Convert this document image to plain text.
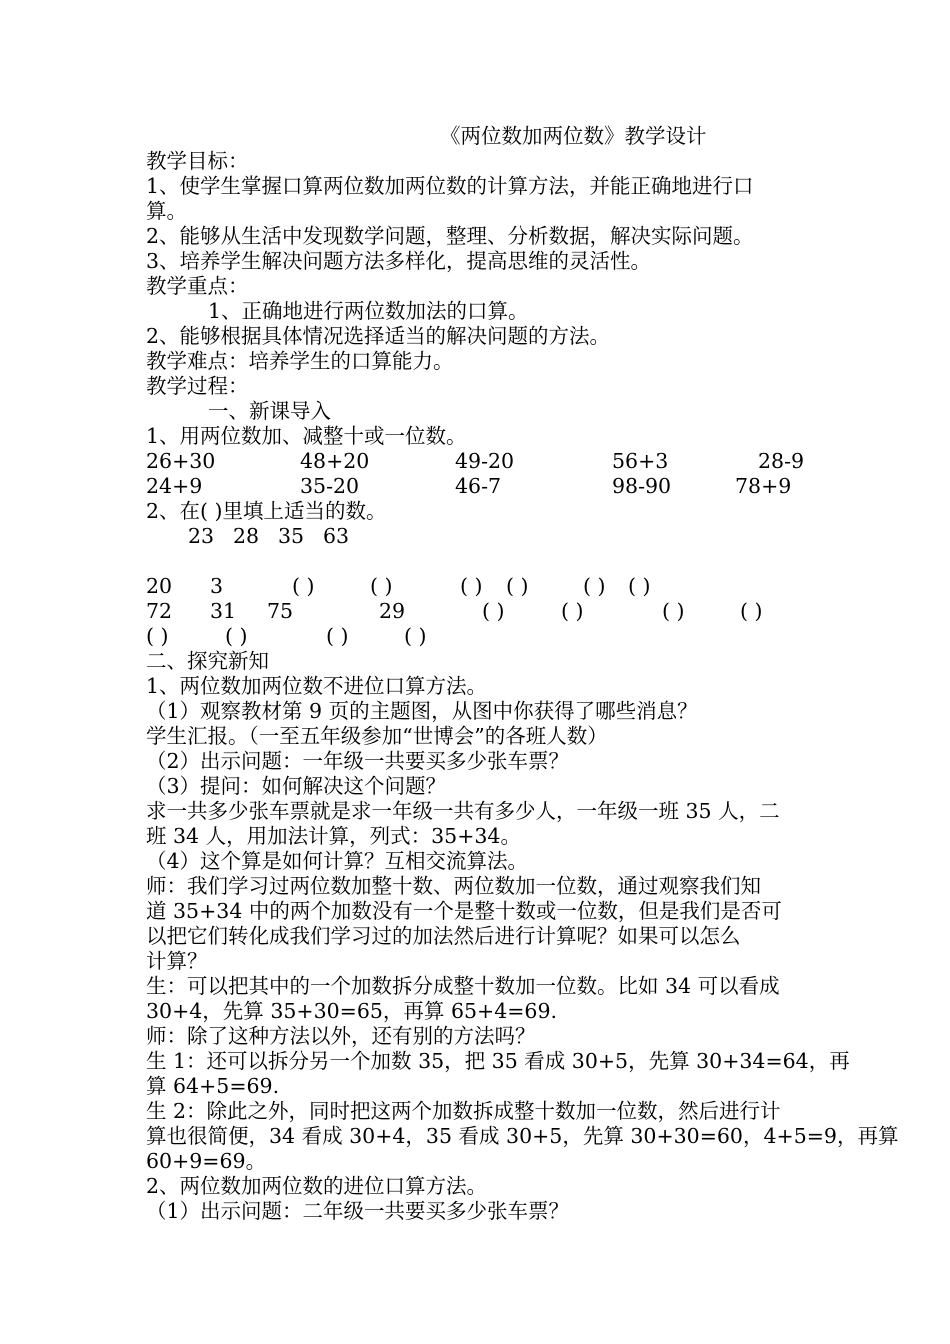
《两位数加两位数》教学设计
教学目标：
1、使学生掌握口算两位数加两位数的计算方法，并能正确地进行口
算。
2、能够从生活中发现数学问题，整理、分析数据，解决实际问题。
3、培养学生解决问题方法多样化，提高思维的灵活性。
教学重点：
1、正确地进行两位数加法的口算。
2、能够根据具体情况选择适当的解决问题的方法。
教学难点：培养学生的口算能力。
教学过程：
一、新课导入
1、用两位数加、减整十或一位数。
26+30	48+20	49-20	56+3	28-9
24+9	35-20	46-7	98-90	78+9
2、在( )里填上适当的数。
23 28 35 63
20 3	( )	( )	( ) ( )	( ) ( )
72 31 75	29	( )	( )	( )	( )
( )	( )	( )	( )
二、探究新知
1、两位数加两位数不进位口算方法。
（1）观察教材第 9 页的主题图，从图中你获得了哪些消息？
学生汇报。（一至五年级参加“世博会”的各班人数）
（2）出示问题：一年级一共要买多少张车票？
（3）提问：如何解决这个问题？
求一共多少张车票就是求一年级一共有多少人，一年级一班 35 人，二
班 34 人，用加法计算，列式：35+34。
（4）这个算是如何计算？互相交流算法。
师：我们学习过两位数加整十数、两位数加一位数，通过观察我们知
道 35+34 中的两个加数没有一个是整十数或一位数，但是我们是否可
以把它们转化成我们学习过的加法然后进行计算呢？如果可以怎么
计算？
生：可以把其中的一个加数拆分成整十数加一位数。比如 34 可以看成
30+4，先算 35+30=65，再算 65+4=69.
师：除了这种方法以外，还有别的方法吗？
生 1：还可以拆分另一个加数 35，把 35 看成 30+5，先算 30+34=64，再
算 64+5=69.
生 2：除此之外，同时把这两个加数拆成整十数加一位数，然后进行计
算也很简便，34 看成 30+4，35 看成 30+5，先算 30+30=60，4+5=9，再算
60+9=69。
2、两位数加两位数的进位口算方法。
（1）出示问题：二年级一共要买多少张车票？
